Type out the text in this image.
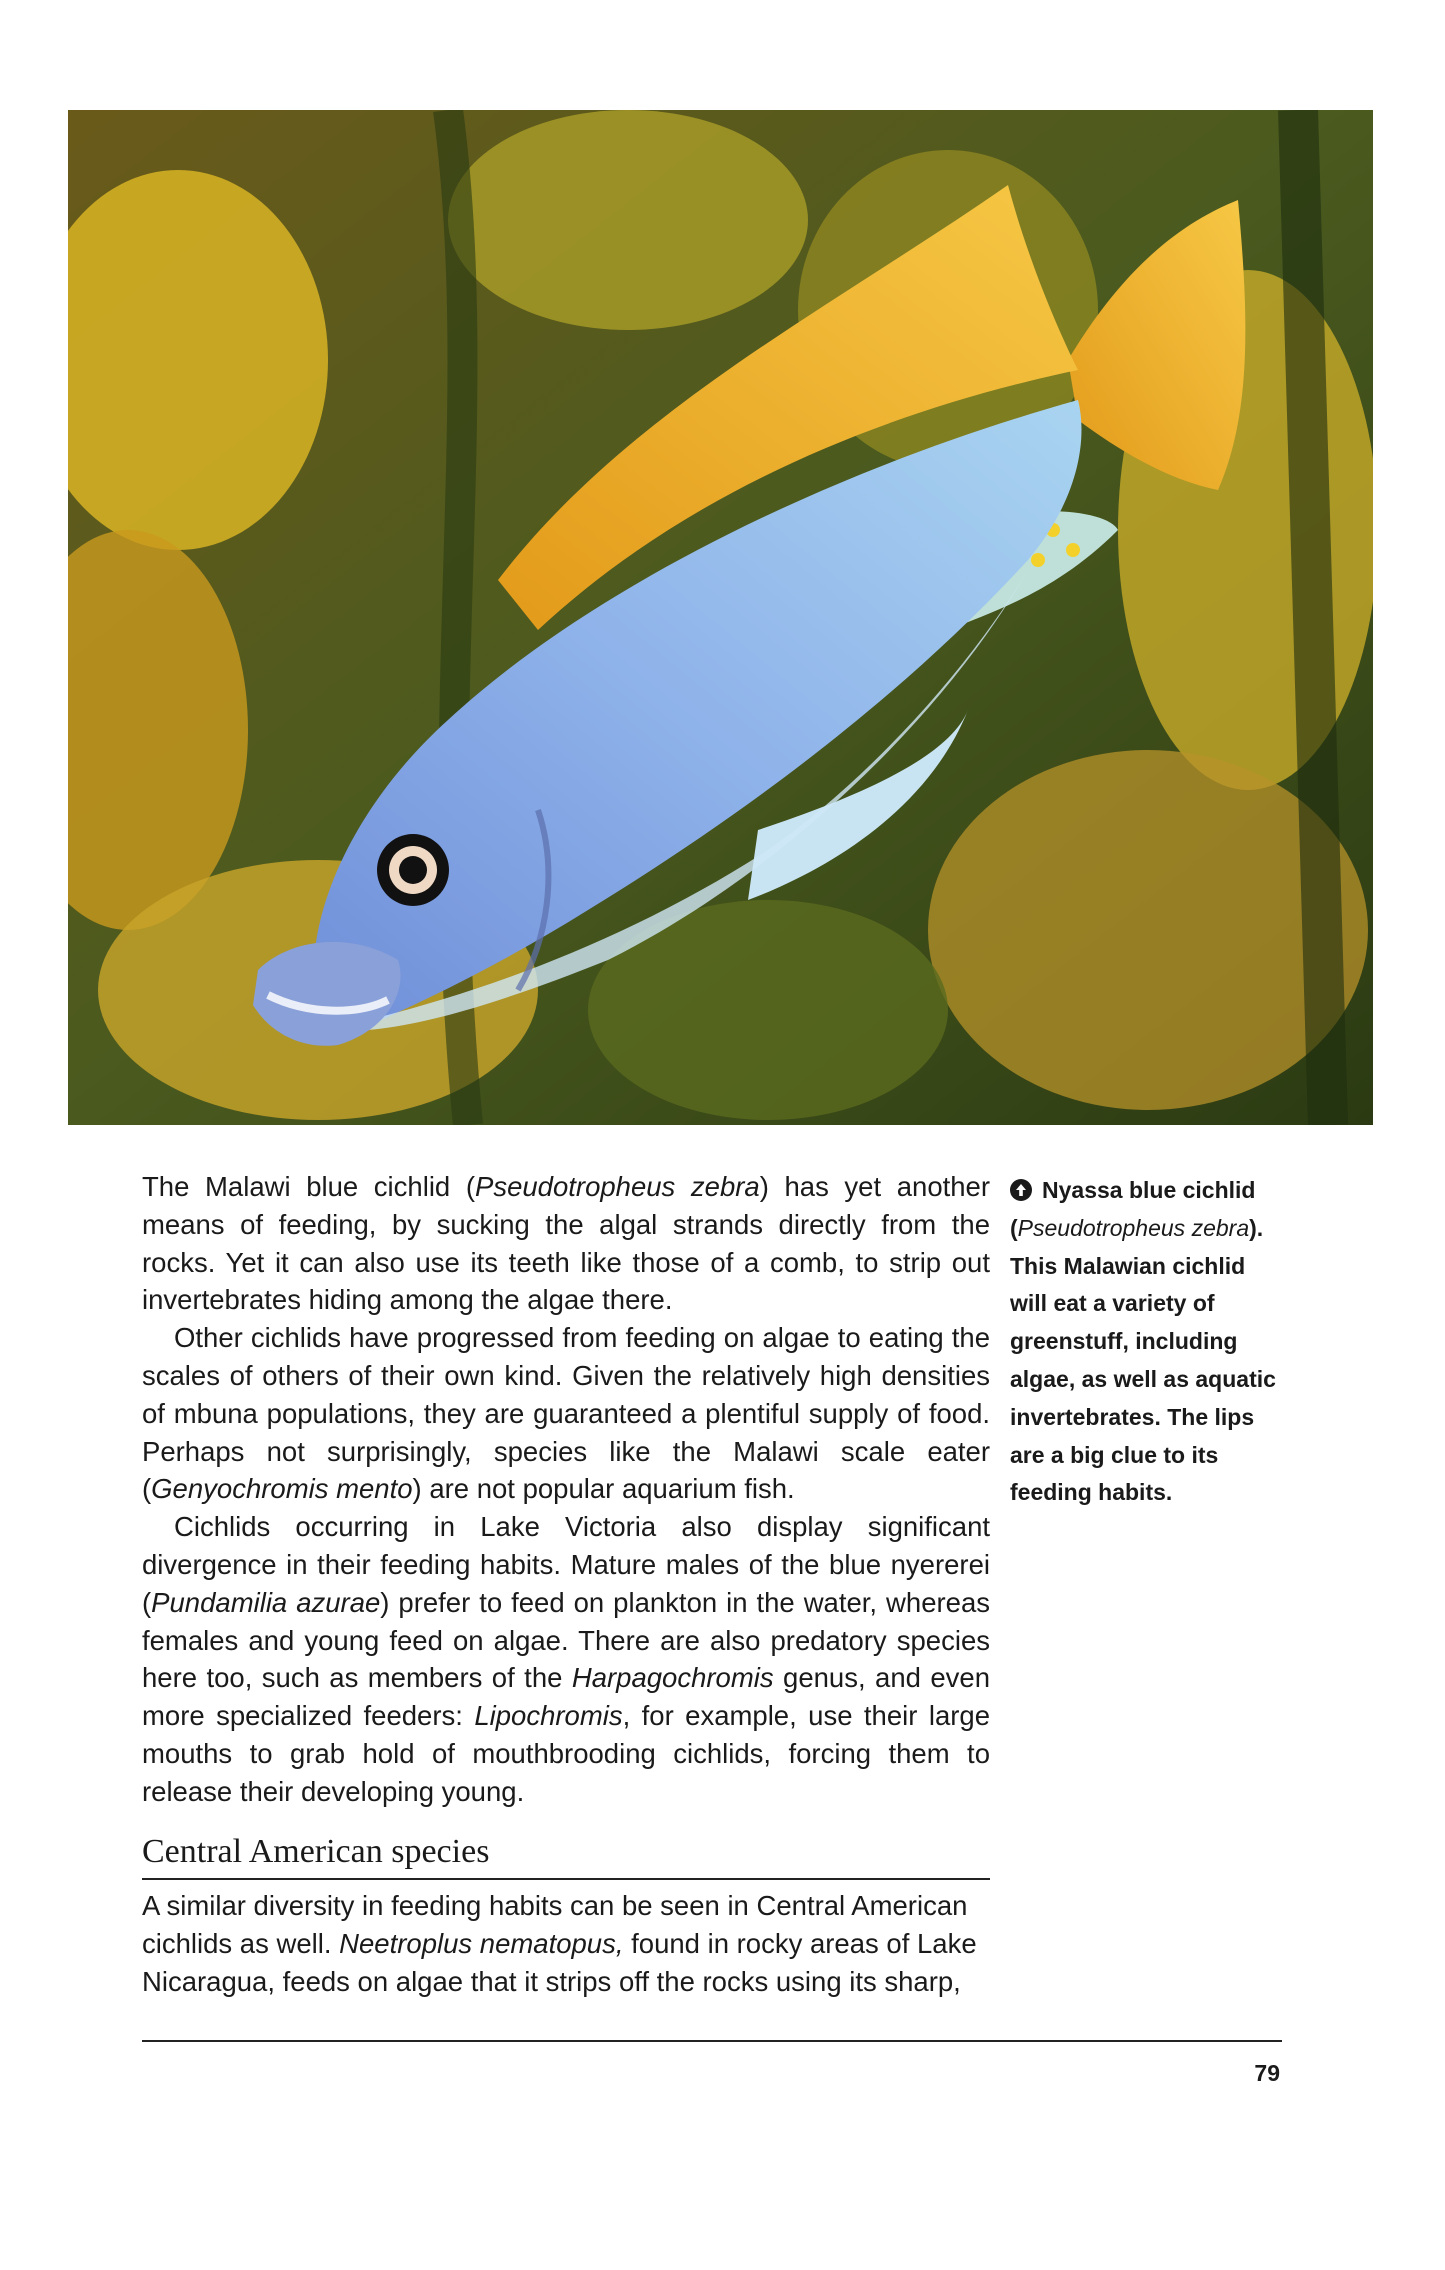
The Malawi blue cichlid (Pseudotropheus zebra) has yet another means of feeding, by sucking the algal strands directly from the rocks. Yet it can also use its teeth like those of a comb, to strip out invertebrates hiding among the algae there.

Other cichlids have progressed from feeding on algae to eating the scales of others of their own kind. Given the relatively high densities of mbuna populations, they are guaranteed a plentiful supply of food. Perhaps not surprisingly, species like the Malawi scale eater (Genyochromis mento) are not popular aquarium fish.

Cichlids occurring in Lake Victoria also display significant divergence in their feeding habits. Mature males of the blue nyererei (Pundamilia azurae) prefer to feed on plankton in the water, whereas females and young feed on algae. There are also predatory species here too, such as members of the Harpagochromis genus, and even more specialized feeders: Lipochromis, for example, use their large mouths to grab hold of mouthbrooding cichlids, forcing them to release their developing young.

Central American species

A similar diversity in feeding habits can be seen in Central American cichlids as well. Neetroplus nematopus, found in rocky areas of Lake Nicaragua, feeds on algae that it strips off the rocks using its sharp,

Nyassa blue cichlid
(Pseudotropheus zebra). This Malawian cichlid will eat a variety of greenstuff, including algae, as well as aquatic invertebrates. The lips are a big clue to its feeding habits.
79
